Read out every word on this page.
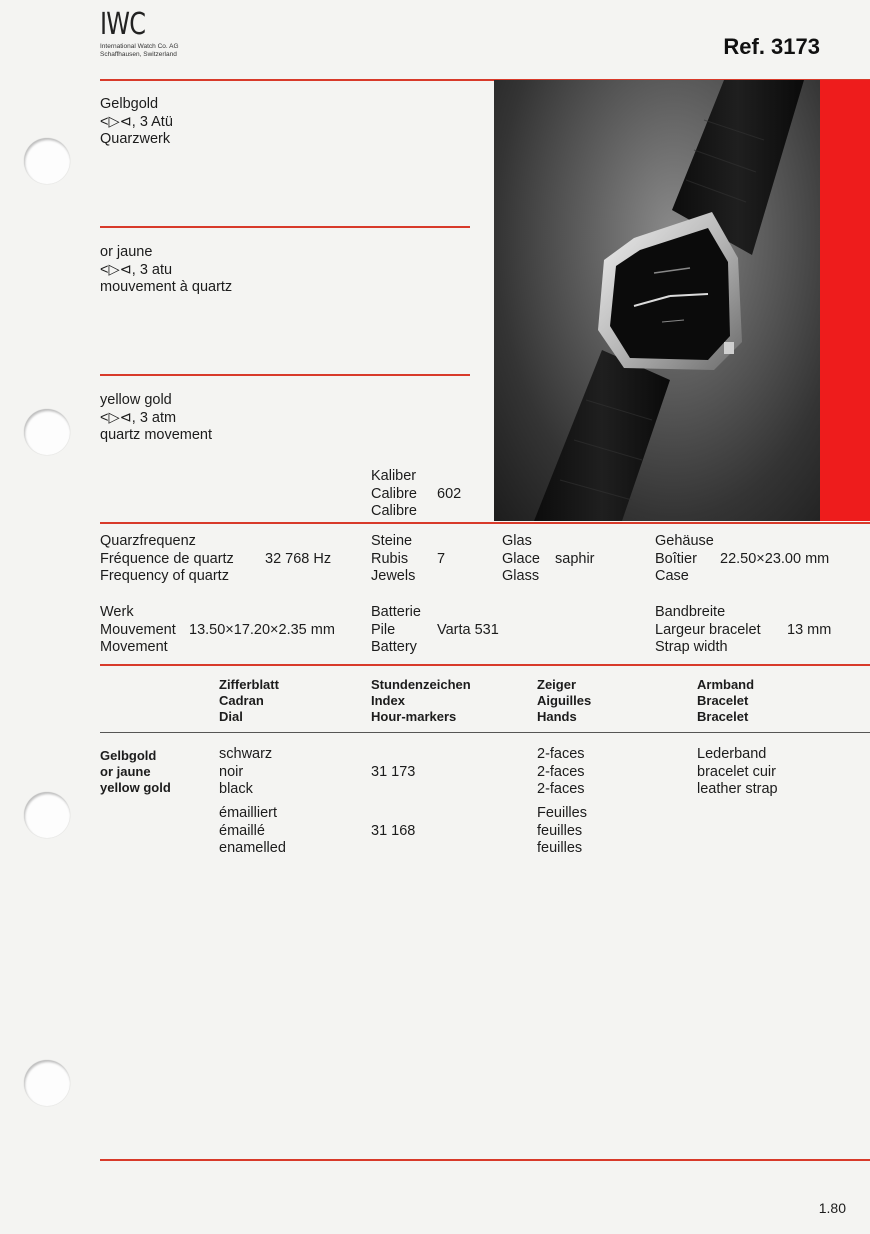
IWC
International Watch Co. AG
Schaffhausen, Switzerland	Ref. 3173
Gelbgold
<▷⊲, 3 Atü
Quarzwerk
or jaune
<▷⊲, 3 atu
mouvement à quartz
yellow gold
<▷⊲, 3 atm
quartz movement
Kaliber
Calibre
Calibre
602
Quarzfrequenz
Fréquence de quartz
Frequency of quartz
32 768 Hz
Steine
Rubis
Jewels
7
Glas
Glace
Glass
saphir
Gehäuse
Boîtier
Case
22.50×23.00 mm
Werk
Mouvement
Movement
13.50×17.20×2.35 mm
Batterie
Pile
Battery
Varta 531
Bandbreite
Largeur bracelet
Strap width
13 mm
Zifferblatt
Cadran
Dial
Stundenzeichen
Index
Hour-markers
Zeiger
Aiguilles
Hands
Armband
Bracelet
Bracelet
Gelbgold
or jaune
yellow gold
schwarz
noir
black
31 173
2-faces
2-faces
2-faces
Lederband
bracelet cuir
leather strap
émailliert
émaillé
enamelled
31 168
Feuilles
feuilles
feuilles
1.80
